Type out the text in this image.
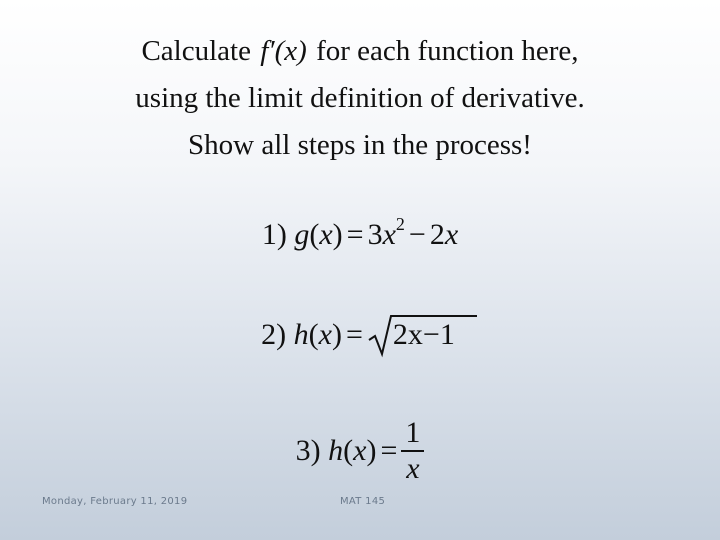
Calculate f′(x) for each function here,
using the limit definition of derivative.
Show all steps in the process!
1) $g(x) = 3x^2 - 2x$
2) h(x) = 2x−1
3) $h(x) = \frac{1}{x}$
Monday, February 11, 2019	MAT 145
